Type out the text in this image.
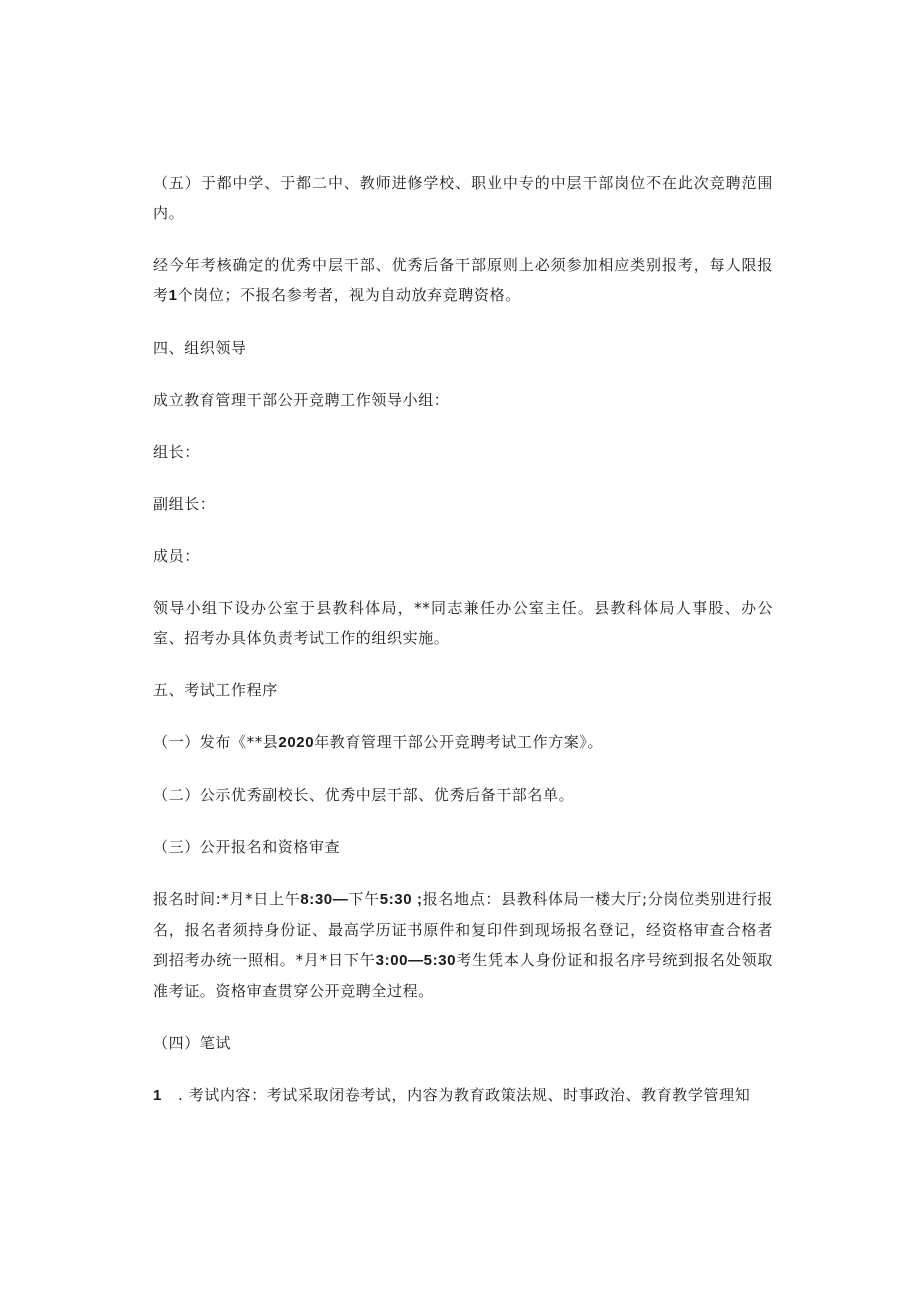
（五）于都中学、于都二中、教师进修学校、职业中专的中层干部岗位不在此次竞聘范围内。

经今年考核确定的优秀中层干部、优秀后备干部原则上必须参加相应类别报考，每人限报考1个岗位；不报名参考者，视为自动放弃竞聘资格。

四、组织领导

成立教育管理干部公开竞聘工作领导小组：

组长：

副组长：

成员：

领导小组下设办公室于县教科体局，**同志兼任办公室主任。县教科体局人事股、办公室、招考办具体负责考试工作的组织实施。

五、考试工作程序

（一）发布《**县2020年教育管理干部公开竞聘考试工作方案》。

（二）公示优秀副校长、优秀中层干部、优秀后备干部名单。

（三）公开报名和资格审查

报名时间:*月*日上午8:30—下午5:30 ;报名地点：县教科体局一楼大厅;分岗位类别进行报名，报名者须持身份证、最高学历证书原件和复印件到现场报名登记，经资格审查合格者到招考办统一照相。*月*日下午3:00—5:30考生凭本人身份证和报名序号统到报名处领取准考证。资格审查贯穿公开竞聘全过程。

（四）笔试

1 . 考试内容：考试采取闭卷考试，内容为教育政策法规、时事政治、教育教学管理知
